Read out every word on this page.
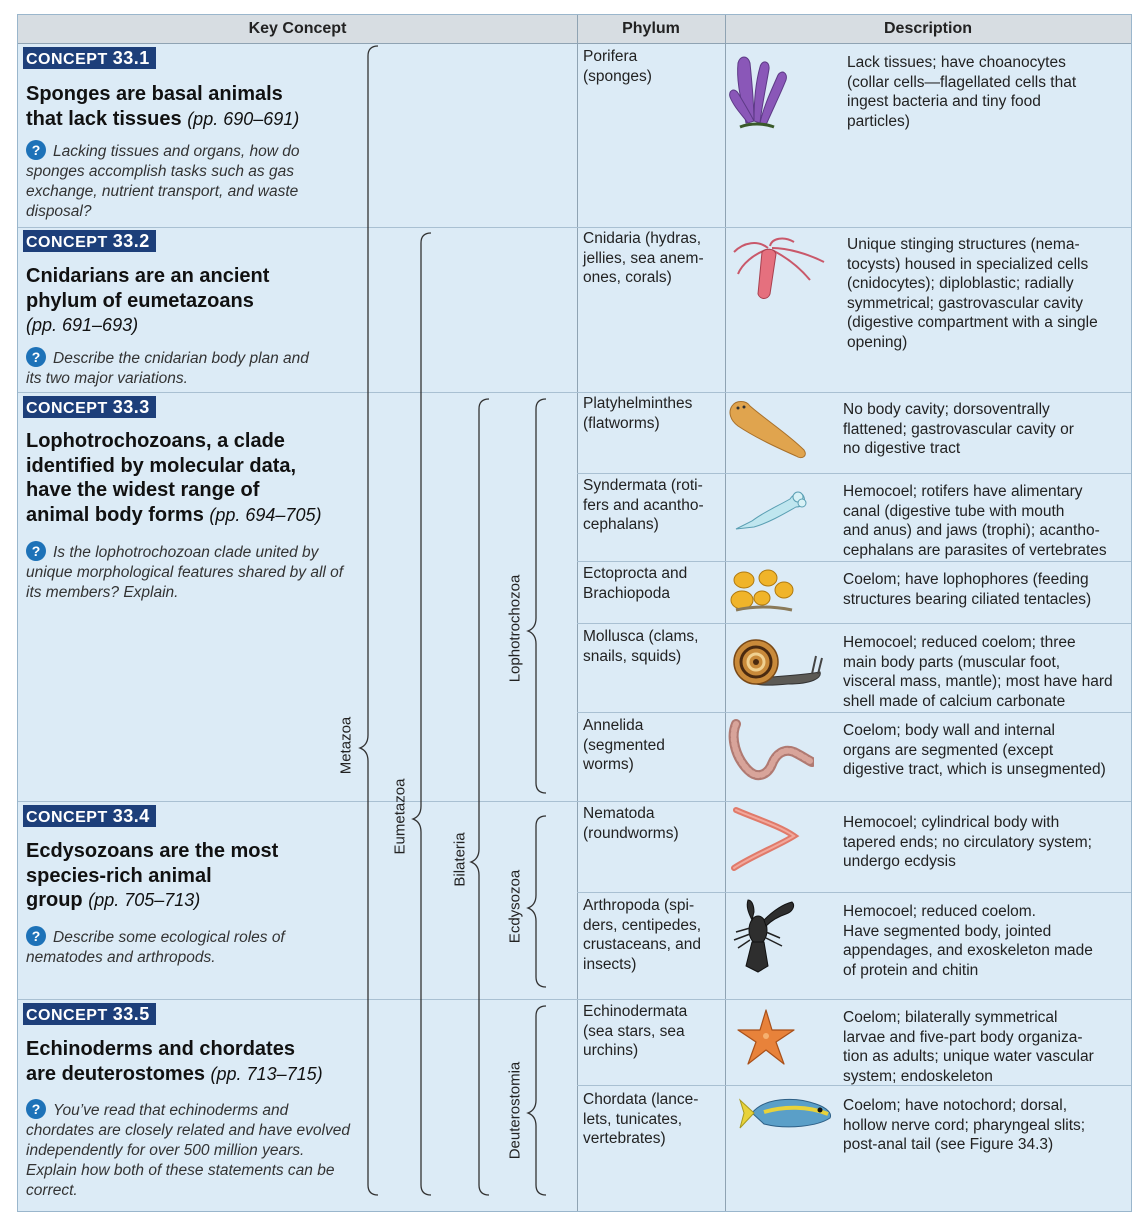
Key Concept	Phylum	Description
CONCEPT 33.1
Sponges are basal animals
that lack tissues (pp. 690–691)
? Lacking tissues and organs, how do sponges accomplish tasks such as gas exchange, nutrient transport, and waste disposal?
CONCEPT 33.2
Cnidarians are an ancient
phylum of eumetazoans
(pp. 691–693)
? Describe the cnidarian body plan and its two major variations.
CONCEPT 33.3
Lophotrochozoans, a clade
identified by molecular data,
have the widest range of
animal body forms (pp. 694–705)
? Is the lophotrochozoan clade united by unique morphological features shared by all of its members? Explain.
CONCEPT 33.4
Ecdysozoans are the most
species-rich animal
group (pp. 705–713)
? Describe some ecological roles of nematodes and arthropods.
CONCEPT 33.5
Echinoderms and chordates
are deuterostomes (pp. 713–715)
? You’ve read that echinoderms and chordates are closely related and have evolved independently for over 500 million years. Explain how both of these statements can be correct.
Metazoa
Eumetazoa
Bilateria
Lophotrochozoa
Ecdysozoa
Deuterostomia
Porifera
(sponges)
Lack tissues; have choanocytes
(collar cells—flagellated cells that
ingest bacteria and tiny food
particles)
Cnidaria (hydras,
jellies, sea anem-
ones, corals)
Unique stinging structures (nema-
tocysts) housed in specialized cells
(cnidocytes); diploblastic; radially
symmetrical; gastrovascular cavity
(digestive compartment with a single
opening)
Platyhelminthes
(flatworms)
No body cavity; dorsoventrally
flattened; gastrovascular cavity or
no digestive tract
Syndermata (roti-
fers and acantho-
cephalans)
Hemocoel; rotifers have alimentary
canal (digestive tube with mouth
and anus) and jaws (trophi); acantho-
cephalans are parasites of vertebrates
Ectoprocta and
Brachiopoda
Coelom; have lophophores (feeding
structures bearing ciliated tentacles)
Mollusca (clams,
snails, squids)
Hemocoel; reduced coelom; three
main body parts (muscular foot,
visceral mass, mantle); most have hard
shell made of calcium carbonate
Annelida
(segmented
worms)
Coelom; body wall and internal
organs are segmented (except
digestive tract, which is unsegmented)
Nematoda
(roundworms)
Hemocoel; cylindrical body with
tapered ends; no circulatory system;
undergo ecdysis
Arthropoda (spi-
ders, centipedes,
crustaceans, and
insects)
Hemocoel; reduced coelom.
Have segmented body, jointed
appendages, and exoskeleton made
of protein and chitin
Echinodermata
(sea stars, sea
urchins)
Coelom; bilaterally symmetrical
larvae and five-part body organiza-
tion as adults; unique water vascular
system; endoskeleton
Chordata (lance-
lets, tunicates,
vertebrates)
Coelom; have notochord; dorsal,
hollow nerve cord; pharyngeal slits;
post-anal tail (see Figure 34.3)
